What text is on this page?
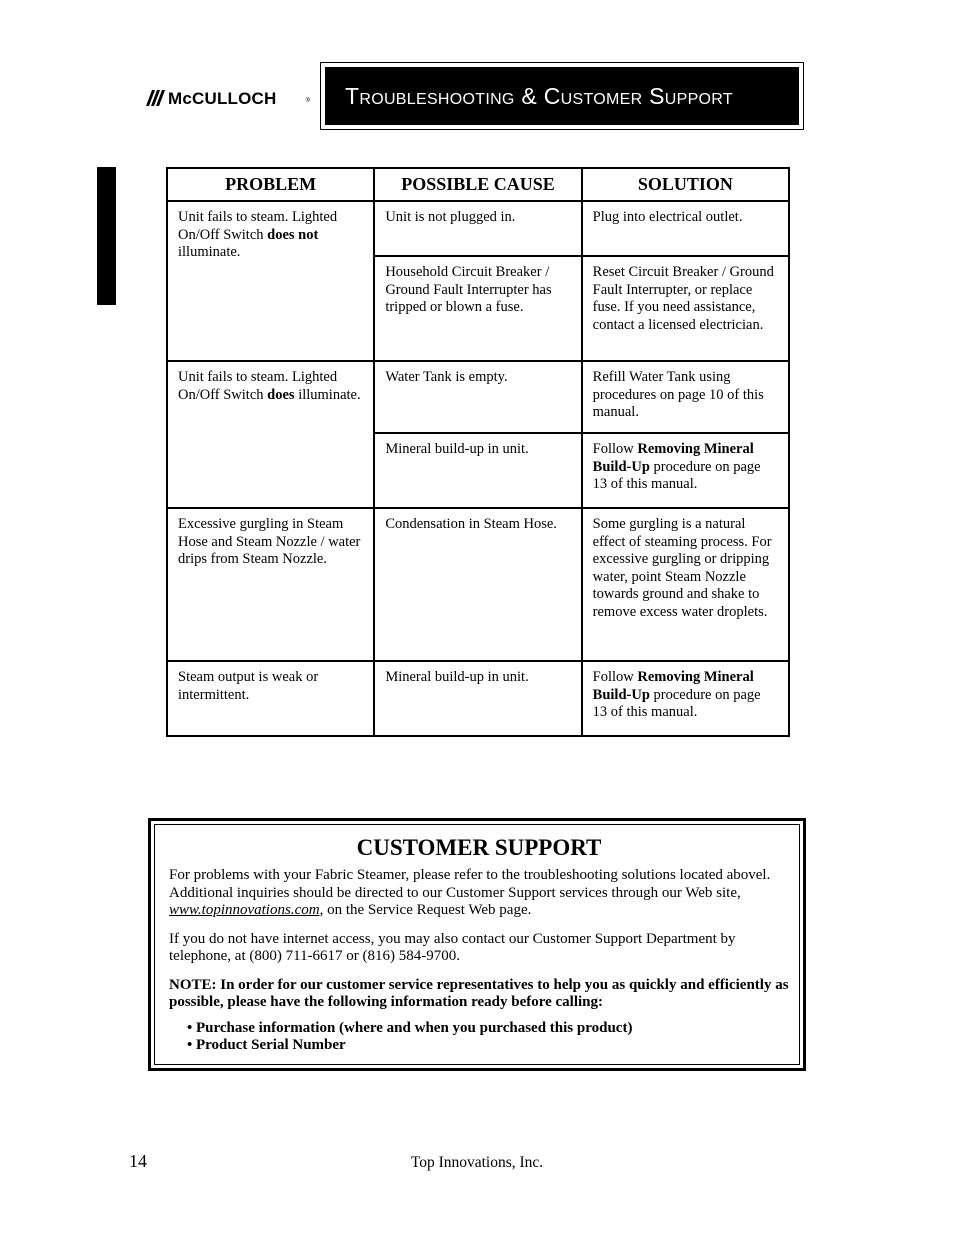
McCULLOCH	® Troubleshooting & Customer Support
PROBLEM	POSSIBLE CAUSE	SOLUTION
Unit fails to steam. Lighted On/Off Switch does not illuminate.	Unit is not plugged in.	Plug into electrical outlet.
	Household Circuit Breaker / Ground Fault Interrupter has tripped or blown a fuse.	Reset Circuit Breaker / Ground Fault Interrupter, or replace fuse. If you need assistance, contact a licensed electrician.
Unit fails to steam. Lighted On/Off Switch does illuminate.	Water Tank is empty.	Refill Water Tank using procedures on page 10 of this manual.
	Mineral build-up in unit.	Follow Removing Mineral Build-Up procedure on page 13 of this manual.
Excessive gurgling in Steam Hose and Steam Nozzle / water drips from Steam Nozzle.	Condensation in Steam Hose.	Some gurgling is a natural effect of steaming process. For excessive gurgling or dripping water, point Steam Nozzle towards ground and shake to remove excess water droplets.
Steam output is weak or intermittent.	Mineral build-up in unit.	Follow Removing Mineral Build-Up procedure on page 13 of this manual.
CUSTOMER SUPPORT

For problems with your Fabric Steamer, please refer to the troubleshooting solutions located abovel. Additional inquiries should be directed to our Customer Support services through our Web site, www.topinnovations.com, on the Service Request Web page.

If you do not have internet access, you may also contact our Customer Support Department by telephone, at (800) 711-6617 or (816) 584-9700.

NOTE: In order for our customer service representatives to help you as quickly and efficiently as possible, please have the following information ready before calling:

• Purchase information (where and when you purchased this product)
• Product Serial Number
14	Top Innovations, Inc.
